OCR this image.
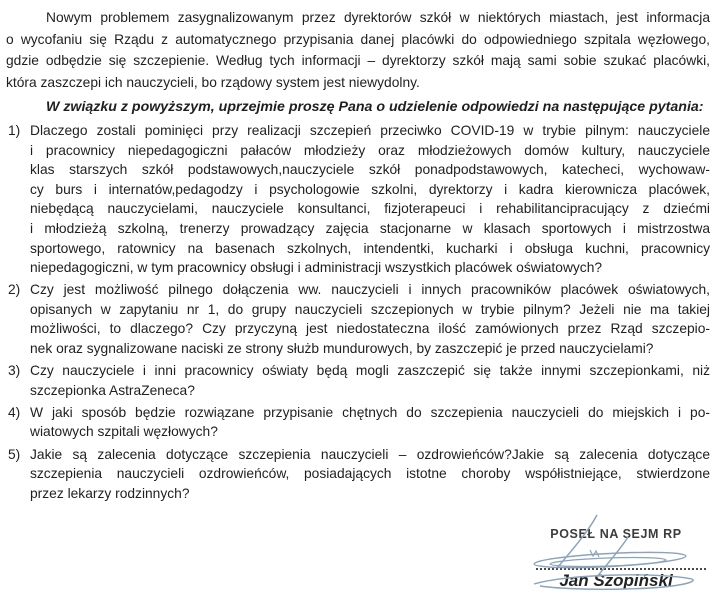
Nowym problemem zasygnalizowanym przez dyrektorów szkół w niektórych miastach, jest informacja
o wycofaniu się Rządu z automatycznego przypisania danej placówki do odpowiedniego szpitala węzłowego,
gdzie odbędzie się szczepienie. Według tych informacji – dyrektorzy szkół mają sami sobie szukać placówki,
która zaszczepi ich nauczycieli, bo rządowy system jest niewydolny.
W związku z powyższym, uprzejmie proszę Pana o udzielenie odpowiedzi na następujące pytania:
1) Dlaczego zostali pominięci przy realizacji szczepień przeciwko COVID-19 w trybie pilnym: nauczyciele
i pracownicy niepedagogiczni pałaców młodzieży oraz młodzieżowych domów kultury, nauczyciele
klas starszych szkół podstawowych,nauczyciele szkół ponadpodstawowych, katecheci, wychowaw-
cy burs i internatów,pedagodzy i psychologowie szkolni, dyrektorzy i kadra kierownicza placówek,
niebędącą nauczycielami, nauczyciele konsultanci, fizjoterapeuci i rehabilitancipracujący z dziećmi
i młodzieżą szkolną, trenerzy prowadzący zajęcia stacjonarne w klasach sportowych i mistrzostwa
sportowego, ratownicy na basenach szkolnych, intendentki, kucharki i obsługa kuchni, pracownicy
niepedagogiczni, w tym pracownicy obsługi i administracji wszystkich placówek oświatowych?
2) Czy jest możliwość pilnego dołączenia ww. nauczycieli i innych pracowników placówek oświatowych,
opisanych w zapytaniu nr 1, do grupy nauczycieli szczepionych w trybie pilnym? Jeżeli nie ma takiej
możliwości, to dlaczego? Czy przyczyną jest niedostateczna ilość zamówionych przez Rząd szczepio-
nek oraz sygnalizowane naciski ze strony służb mundurowych, by zaszczepić je przed nauczycielami?
3) Czy nauczyciele i inni pracownicy oświaty będą mogli zaszczepić się także innymi szczepionkami, niż
szczepionka AstraZeneca?
4) W jaki sposób będzie rozwiązane przypisanie chętnych do szczepienia nauczycieli do miejskich i po-
wiatowych szpitali węzłowych?
5) Jakie są zalecenia dotyczące szczepienia nauczycieli – ozdrowieńców?Jakie są zalecenia dotyczące
szczepienia nauczycieli ozdrowieńców, posiadających istotne choroby współistniejące, stwierdzone
przez lekarzy rodzinnych?
POSEŁ NA SEJM RP
Jan Szopiński
